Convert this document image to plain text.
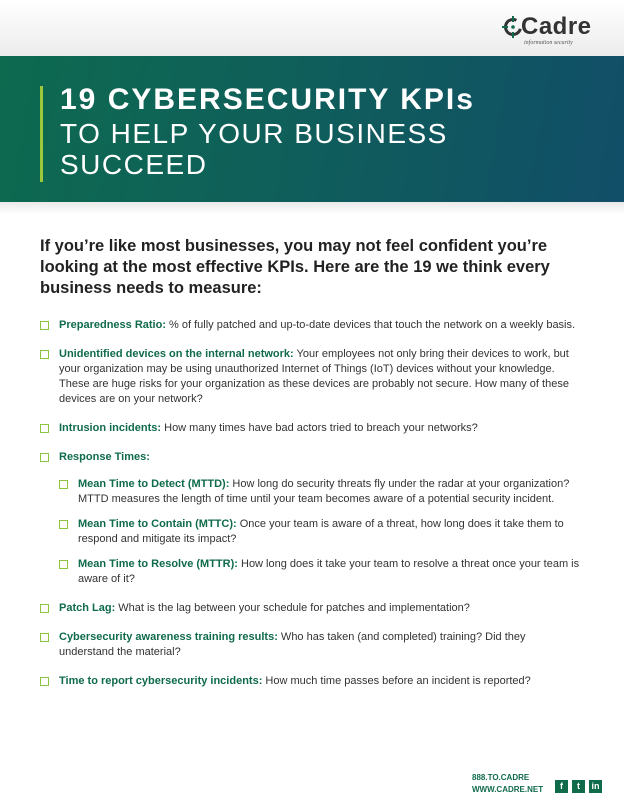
Cadre
information security
19 CYBERSECURITY KPIs
TO HELP YOUR BUSINESS SUCCEED
If you’re like most businesses, you may not feel confident you’re looking at the most effective KPIs. Here are the 19 we think every business needs to measure:
Preparedness Ratio: % of fully patched and up-to-date devices that touch the network on a weekly basis.
Unidentified devices on the internal network: Your employees not only bring their devices to work, but your organization may be using unauthorized Internet of Things (IoT) devices without your knowledge. These are huge risks for your organization as these devices are probably not secure. How many of these devices are on your network?
Intrusion incidents: How many times have bad actors tried to breach your networks?
Response Times:
Mean Time to Detect (MTTD): How long do security threats fly under the radar at your organization? MTTD measures the length of time until your team becomes aware of a potential security incident.
Mean Time to Contain (MTTC): Once your team is aware of a threat, how long does it take them to respond and mitigate its impact?
Mean Time to Resolve (MTTR): How long does it take your team to resolve a threat once your team is aware of it?
Patch Lag: What is the lag between your schedule for patches and implementation?
Cybersecurity awareness training results: Who has taken (and completed) training? Did they understand the material?
Time to report cybersecurity incidents: How much time passes before an incident is reported?
888.TO.CADRE
WWW.CADRE.NET	f	t	in
